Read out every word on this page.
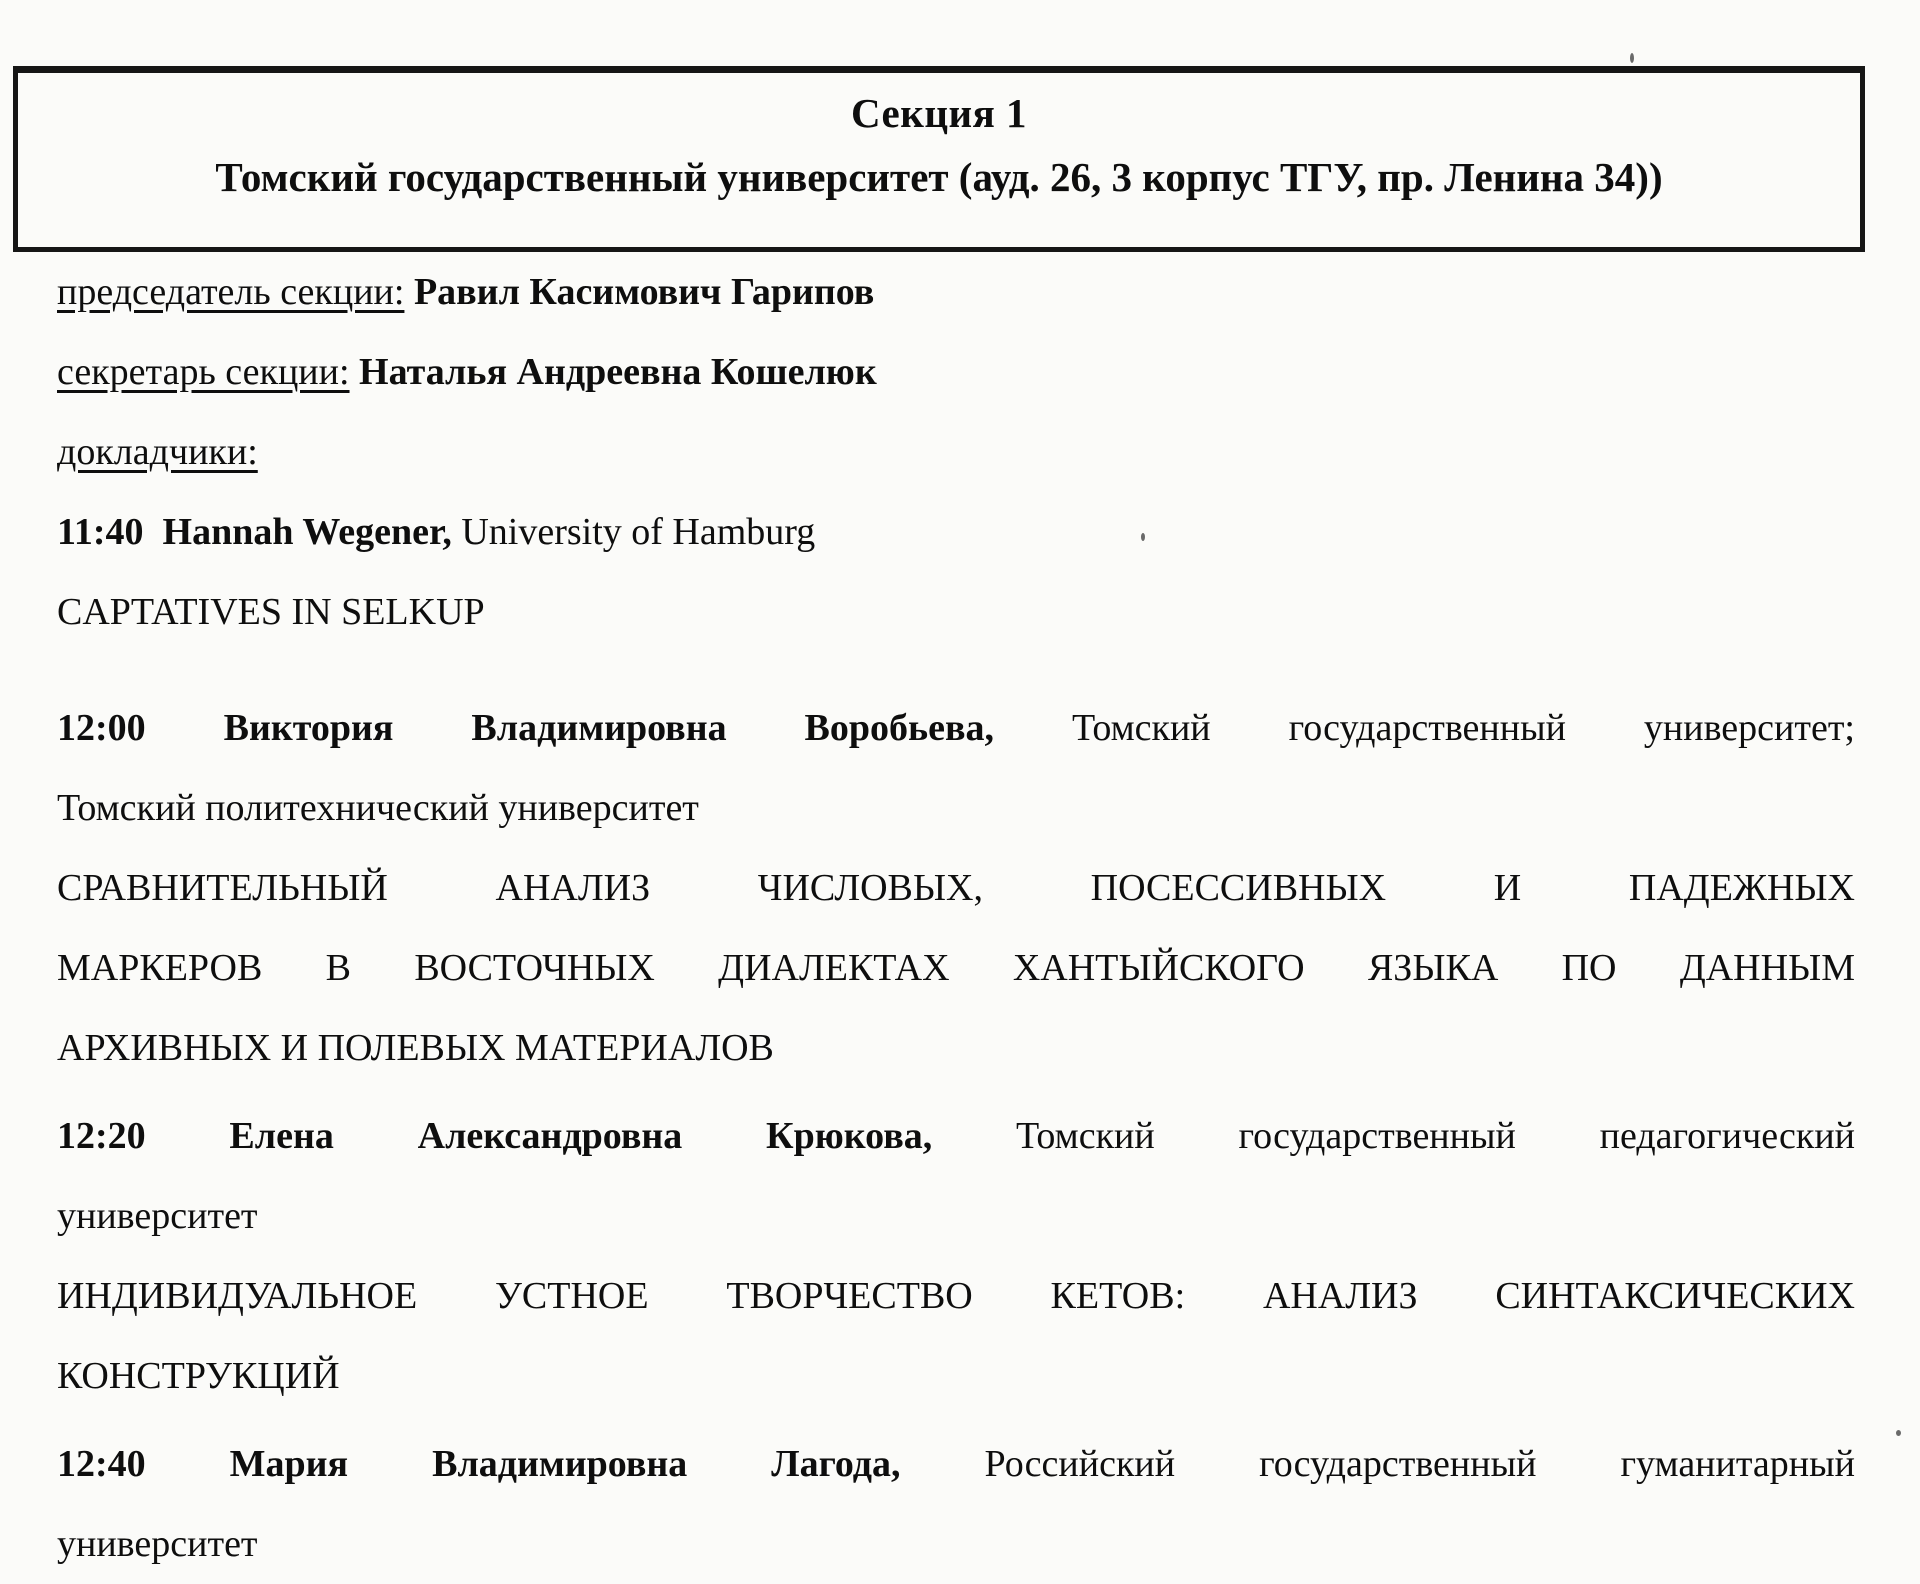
Секция 1
Томский государственный университет (ауд. 26, 3 корпус ТГУ, пр. Ленина 34))
председатель секции: Равил Касимович Гарипов
секретарь секции: Наталья Андреевна Кошелюк
докладчики:
11:40  Hannah Wegener, University of Hamburg
CAPTATIVES IN SELKUP
12:00 Виктория Владимировна Воробьева, Томский государственный университет;
Томский политехнический университет
СРАВНИТЕЛЬНЫЙ АНАЛИЗ ЧИСЛОВЫХ, ПОСЕССИВНЫХ И ПАДЕЖНЫХ
МАРКЕРОВ В ВОСТОЧНЫХ ДИАЛЕКТАХ ХАНТЫЙСКОГО ЯЗЫКА ПО ДАННЫМ
АРХИВНЫХ И ПОЛЕВЫХ МАТЕРИАЛОВ
12:20 Елена Александровна Крюкова, Томский государственный педагогический
университет
ИНДИВИДУАЛЬНОЕ УСТНОЕ ТВОРЧЕСТВО КЕТОВ: АНАЛИЗ СИНТАКСИЧЕСКИХ
КОНСТРУКЦИЙ
12:40 Мария Владимировна Лагода, Российский государственный гуманитарный
университет
